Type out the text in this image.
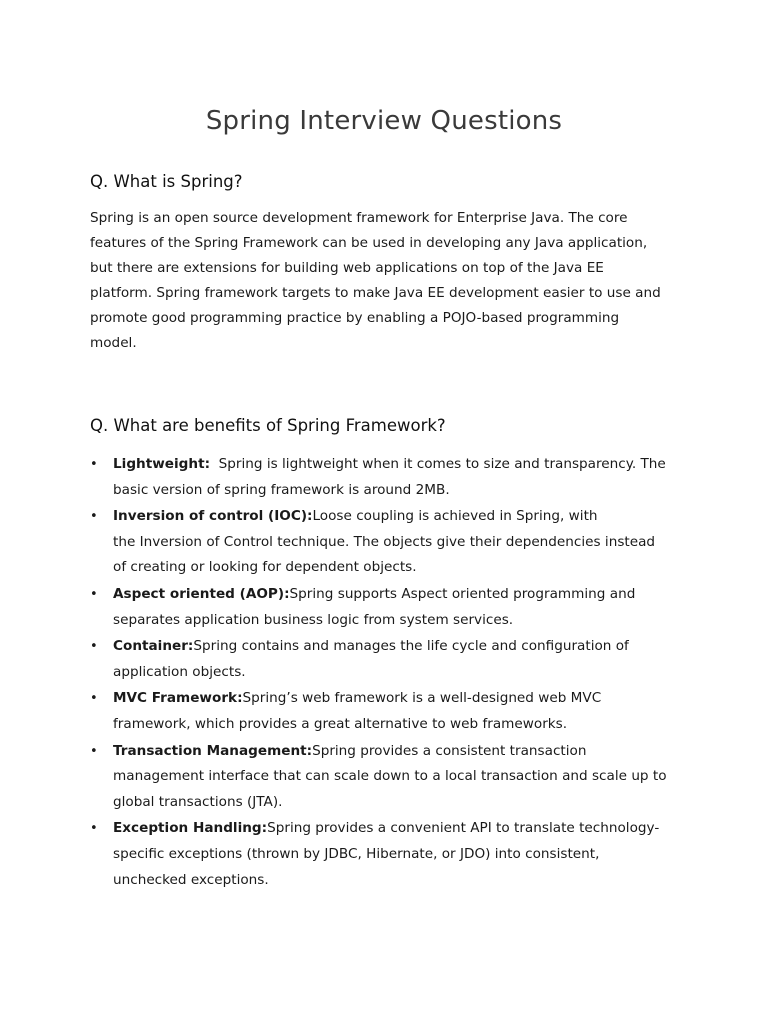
Spring Interview Questions
Q. What is Spring?

Spring is an open source development framework for Enterprise Java. The core
features of the Spring Framework can be used in developing any Java application,
but there are extensions for building web applications on top of the Java EE
platform. Spring framework targets to make Java EE development easier to use and
promote good programming practice by enabling a POJO-based programming
model.

Q. What are benefits of Spring Framework?
• Lightweight:  Spring is lightweight when it comes to size and transparency. The
basic version of spring framework is around 2MB.
• Inversion of control (IOC):Loose coupling is achieved in Spring, with
the Inversion of Control technique. The objects give their dependencies instead
of creating or looking for dependent objects.
• Aspect oriented (AOP):Spring supports Aspect oriented programming and
separates application business logic from system services.
• Container:Spring contains and manages the life cycle and configuration of
application objects.
• MVC Framework:Spring’s web framework is a well-designed web MVC
framework, which provides a great alternative to web frameworks.
• Transaction Management:Spring provides a consistent transaction
management interface that can scale down to a local transaction and scale up to
global transactions (JTA).
• Exception Handling:Spring provides a convenient API to translate technology-
specific exceptions (thrown by JDBC, Hibernate, or JDO) into consistent,
unchecked exceptions.
